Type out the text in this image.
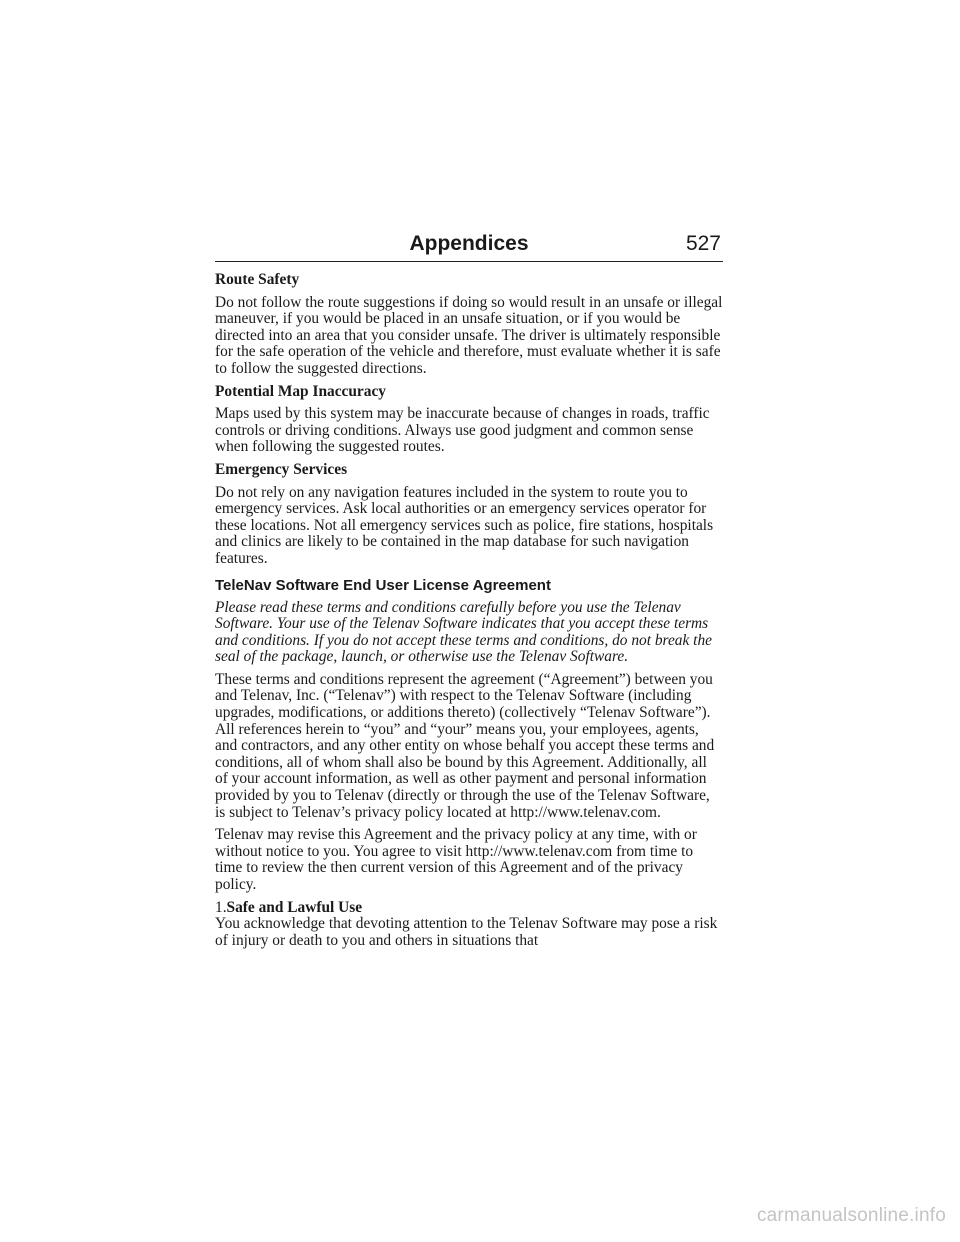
Appendices	527

Route Safety

Do not follow the route suggestions if doing so would result in an unsafe or illegal maneuver, if you would be placed in an unsafe situation, or if you would be directed into an area that you consider unsafe. The driver is ultimately responsible for the safe operation of the vehicle and therefore, must evaluate whether it is safe to follow the suggested directions.

Potential Map Inaccuracy

Maps used by this system may be inaccurate because of changes in roads, traffic controls or driving conditions. Always use good judgment and common sense when following the suggested routes.

Emergency Services

Do not rely on any navigation features included in the system to route you to emergency services. Ask local authorities or an emergency services operator for these locations. Not all emergency services such as police, fire stations, hospitals and clinics are likely to be contained in the map database for such navigation features.

TeleNav Software End User License Agreement

Please read these terms and conditions carefully before you use the Telenav Software. Your use of the Telenav Software indicates that you accept these terms and conditions. If you do not accept these terms and conditions, do not break the seal of the package, launch, or otherwise use the Telenav Software.

These terms and conditions represent the agreement (“Agreement”) between you and Telenav, Inc. (“Telenav”) with respect to the Telenav Software (including upgrades, modifications, or additions thereto) (collectively “Telenav Software”). All references herein to “you” and “your” means you, your employees, agents, and contractors, and any other entity on whose behalf you accept these terms and conditions, all of whom shall also be bound by this Agreement. Additionally, all of your account information, as well as other payment and personal information provided by you to Telenav (directly or through the use of the Telenav Software, is subject to Telenav’s privacy policy located at http://www.telenav.com.

Telenav may revise this Agreement and the privacy policy at any time, with or without notice to you. You agree to visit http://www.telenav.com from time to time to review the then current version of this Agreement and of the privacy policy.

1.Safe and Lawful Use

You acknowledge that devoting attention to the Telenav Software may pose a risk of injury or death to you and others in situations that

carmanualsonline.info
